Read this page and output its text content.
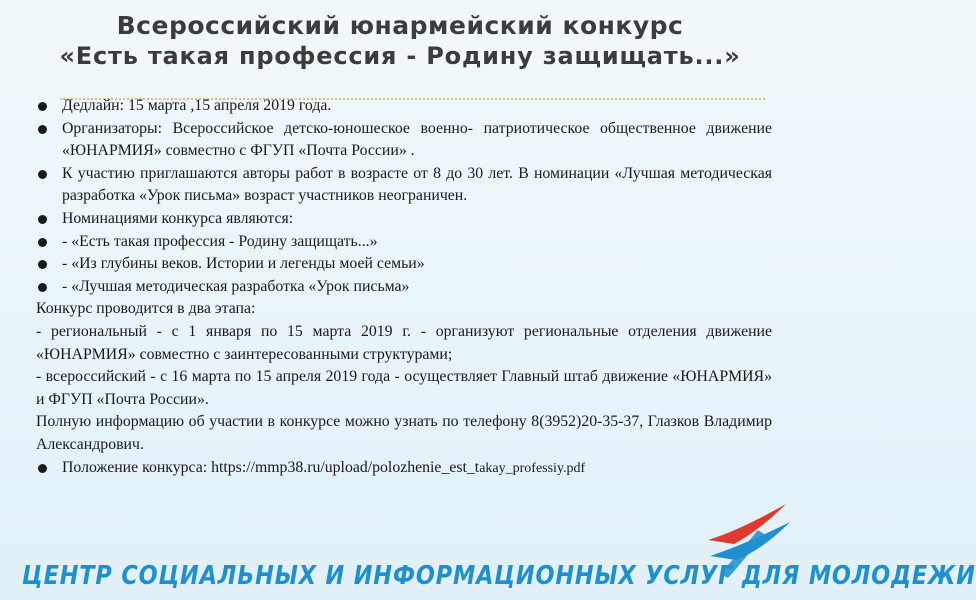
Всероссийский юнармейский конкурс
«Есть такая профессия - Родину защищать...»
Дедлайн: 15 марта ,15 апреля 2019 года.
Организаторы: Всероссийское детско-юношеское военно- патриотическое общественное движение «ЮНАРМИЯ» совместно с ФГУП «Почта России» .
К участию приглашаются авторы работ в возрасте от 8 до 30 лет. В номинации «Лучшая методическая разработка «Урок письма» возраст участников неограничен.
Номинациями конкурса являются:
- «Есть такая профессия - Родину защищать...»
- «Из глубины веков. Истории и легенды моей семьи»
- «Лучшая методическая разработка «Урок письма»

Конкурс проводится в два этапа:

- региональный - с 1 января по 15 марта 2019 г. - организуют региональные отделения движение «ЮНАРМИЯ» совместно с заинтересованными структурами;

- всероссийский - с 16 марта по 15 апреля 2019 года - осуществляет Главный штаб движение «ЮНАРМИЯ» и ФГУП «Почта России».

Полную информацию об участии в конкурсе можно узнать по телефону 8(3952)20-35-37, Глазков Владимир Александрович.

Положение конкурса: https://mmp38.ru/upload/polozhenie_est_takay_professiy.pdf
ЦЕНТР СОЦИАЛЬНЫХ И ИНФОРМАЦИОННЫХ УСЛУГ ДЛЯ МОЛОДЕЖИ
